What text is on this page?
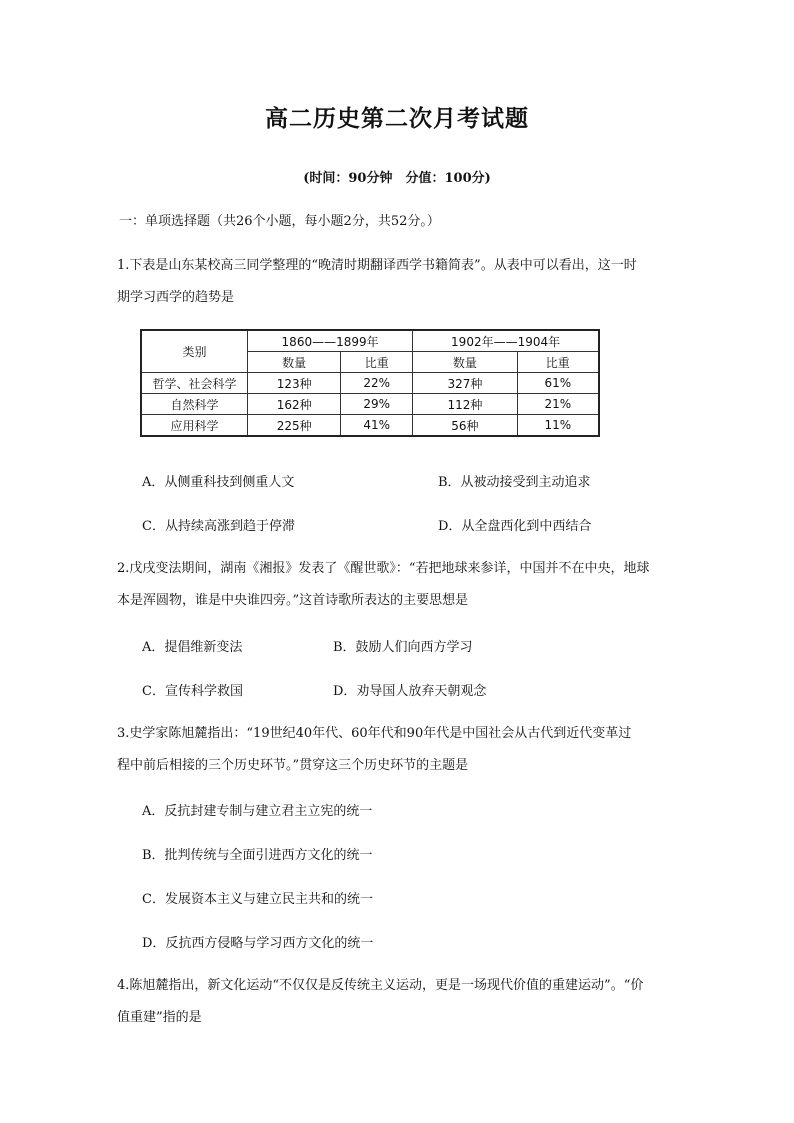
高二历史第二次月考试题
(时间：90分钟　分值：100分)
一：单项选择题（共26个小题，每小题2分，共52分。）
1.下表是山东某校高三同学整理的“晚清时期翻译西学书籍简表”。从表中可以看出，这一时
期学习西学的趋势是
类别	1860——1899年		1902年——1904年	
	数量	比重	数量	比重
哲学、社会科学	123种	22%	327种	61%
自然科学	162种	29%	112种	21%
应用科学	225种	41%	56种	11%
A．从侧重科技到侧重人文	B．从被动接受到主动追求
C．从持续高涨到趋于停滞	D．从全盘西化到中西结合
2.戊戌变法期间，湖南《湘报》发表了《醒世歌》：“若把地球来参详，中国并不在中央，地球
本是浑圆物，谁是中央谁四旁。”这首诗歌所表达的主要思想是
A．提倡维新变法	B．鼓励人们向西方学习
C．宣传科学救国	D．劝导国人放弃天朝观念
3.史学家陈旭麓指出：“19世纪40年代、60年代和90年代是中国社会从古代到近代变革过
程中前后相接的三个历史环节。”贯穿这三个历史环节的主题是
A．反抗封建专制与建立君主立宪的统一
B．批判传统与全面引进西方文化的统一
C．发展资本主义与建立民主共和的统一
D．反抗西方侵略与学习西方文化的统一
4.陈旭麓指出，新文化运动“不仅仅是反传统主义运动，更是一场现代价值的重建运动”。“价
值重建”指的是
